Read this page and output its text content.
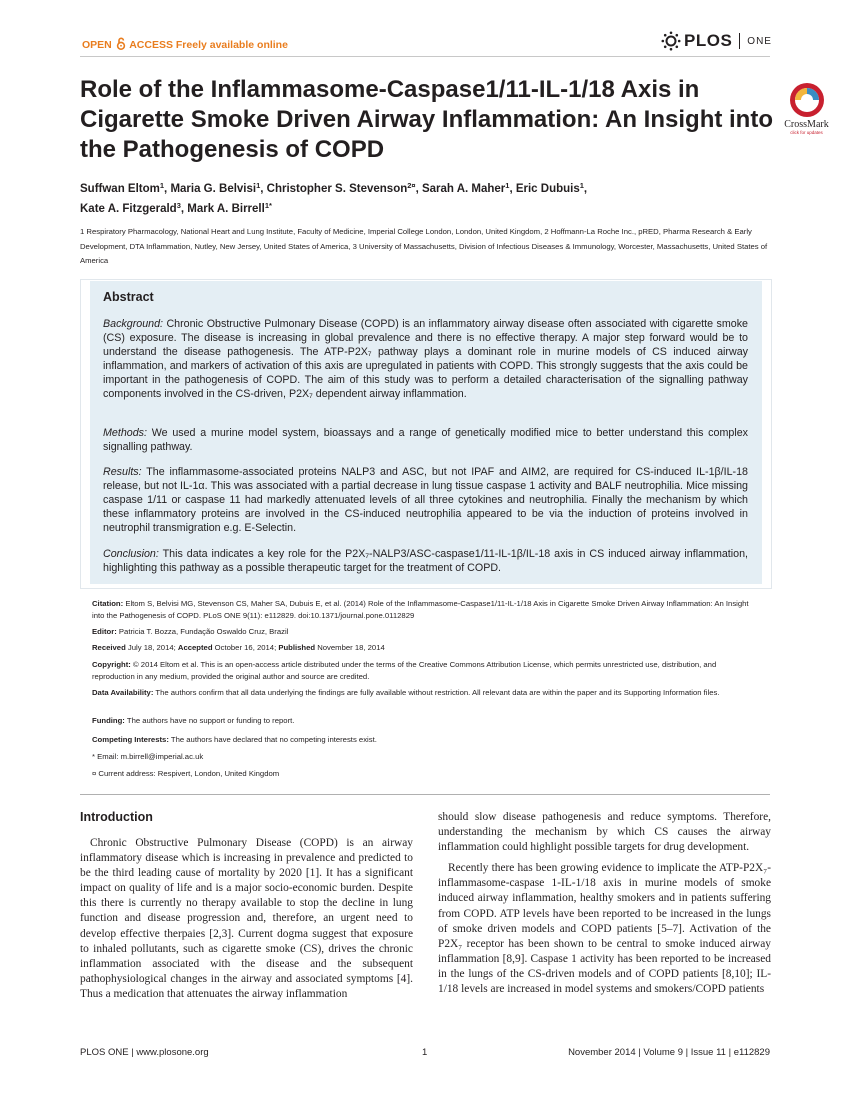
OPEN  ACCESS Freely available online	PLOS ONE
Role of the Inflammasome-Caspase1/11-IL-1/18 Axis in Cigarette Smoke Driven Airway Inflammation: An Insight into the Pathogenesis of COPD
CrossMark
click for updates
Suffwan Eltom$^1$, Maria G. Belvisi$^1$, Christopher S. Stevenson$^{2¤}$, Sarah A. Maher$^1$, Eric Dubuis$^1$,
Kate A. Fitzgerald$^3$, Mark A. Birrell$^{1*}$
1 Respiratory Pharmacology, National Heart and Lung Institute, Faculty of Medicine, Imperial College London, London, United Kingdom, 2 Hoffmann-La Roche Inc., pRED, Pharma Research & Early Development, DTA Inflammation, Nutley, New Jersey, United States of America, 3 University of Massachusetts, Division of Infectious Diseases & Immunology, Worcester, Massachusetts, United States of America
Abstract
Background: Chronic Obstructive Pulmonary Disease (COPD) is an inflammatory airway disease often associated with cigarette smoke (CS) exposure. The disease is increasing in global prevalence and there is no effective therapy. A major step forward would be to understand the disease pathogenesis. The ATP-P2X₇ pathway plays a dominant role in murine models of CS induced airway inflammation, and markers of activation of this axis are upregulated in patients with COPD. This strongly suggests that the axis could be important in the pathogenesis of COPD. The aim of this study was to perform a detailed characterisation of the signalling pathway components involved in the CS-driven, P2X₇ dependent airway inflammation.
Methods: We used a murine model system, bioassays and a range of genetically modified mice to better understand this complex signalling pathway.
Results: The inflammasome-associated proteins NALP3 and ASC, but not IPAF and AIM2, are required for CS-induced IL-1β/IL-18 release, but not IL-1α. This was associated with a partial decrease in lung tissue caspase 1 activity and BALF neutrophilia. Mice missing caspase 1/11 or caspase 11 had markedly attenuated levels of all three cytokines and neutrophilia. Finally the mechanism by which these inflammatory proteins are involved in the CS-induced neutrophilia appeared to be via the induction of proteins involved in neutrophil transmigration e.g. E-Selectin.
Conclusion: This data indicates a key role for the P2X₇-NALP3/ASC-caspase1/11-IL-1β/IL-18 axis in CS induced airway inflammation, highlighting this pathway as a possible therapeutic target for the treatment of COPD.
Citation: Eltom S, Belvisi MG, Stevenson CS, Maher SA, Dubuis E, et al. (2014) Role of the Inflammasome-Caspase1/11-IL-1/18 Axis in Cigarette Smoke Driven Airway Inflammation: An Insight into the Pathogenesis of COPD. PLoS ONE 9(11): e112829. doi:10.1371/journal.pone.0112829
Editor: Patricia T. Bozza, Fundação Oswaldo Cruz, Brazil
Received July 18, 2014; Accepted October 16, 2014; Published November 18, 2014
Copyright: © 2014 Eltom et al. This is an open-access article distributed under the terms of the Creative Commons Attribution License, which permits unrestricted use, distribution, and reproduction in any medium, provided the original author and source are credited.
Data Availability: The authors confirm that all data underlying the findings are fully available without restriction. All relevant data are within the paper and its Supporting Information files.
Funding: The authors have no support or funding to report.
Competing Interests: The authors have declared that no competing interests exist.
* Email: m.birrell@imperial.ac.uk
¤ Current address: Respivert, London, United Kingdom
Introduction

Chronic Obstructive Pulmonary Disease (COPD) is an airway inflammatory disease which is increasing in prevalence and predicted to be the third leading cause of mortality by 2020 [1]. It has a significant impact on quality of life and is a major socio-economic burden. Despite this there is currently no therapy available to stop the decline in lung function and disease progression and, therefore, an urgent need to develop effective therpaies [2,3]. Current dogma suggest that exposure to inhaled pollutants, such as cigarette smoke (CS), drives the chronic inflammation associated with the disease and the subsequent pathophysiological changes in the airway and associated symptoms [4]. Thus a medication that attenuates the airway inflammation

should slow disease pathogenesis and reduce symptoms. Therefore, understanding the mechanism by which CS causes the airway inflammation could highlight possible targets for drug development.

Recently there has been growing evidence to implicate the ATP-P2X₇-inflammasome-caspase 1-IL-1/18 axis in murine models of smoke induced airway inflammation, healthy smokers and in patients suffering from COPD. ATP levels have been reported to be increased in the lungs of smoke driven models and COPD patients [5–7]. Activation of the P2X₇ receptor has been shown to be central to smoke induced airway inflammation [8,9]. Caspase 1 activity has been reported to be increased in the lungs of the CS-driven models and of COPD patients [8,10]; IL-1/18 levels are increased in model systems and smokers/COPD patients

PLOS ONE | www.plosone.org	1	November 2014 | Volume 9 | Issue 11 | e112829
